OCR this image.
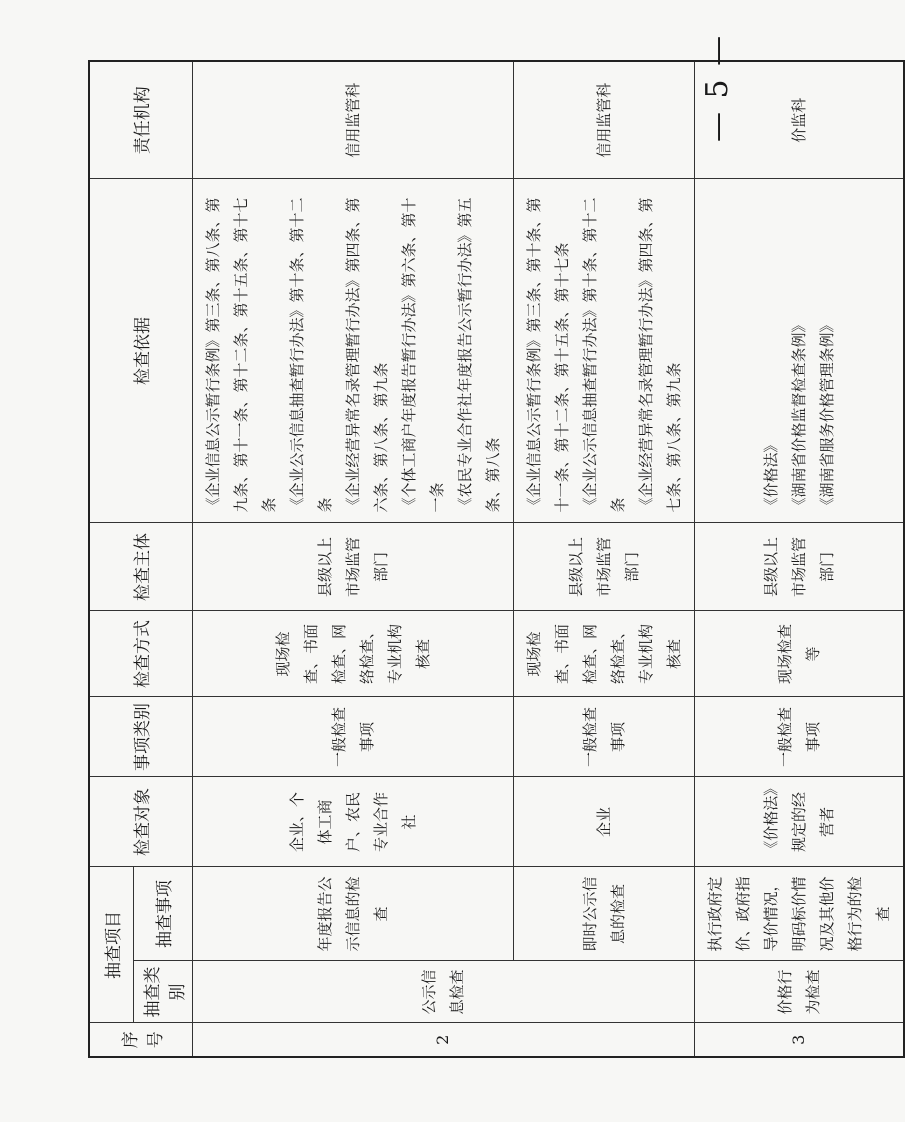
序号	抽查项目		检查对象	事项类别	检查方式	检查主体	检查依据	责任机构
	抽查类别	抽查事项						
2	公示信息检查	年度报告公示信息的检查	企业、个体工商户、农民专业合作社	一般检查事项	现场检查、书面检查、网络检查、专业机构核查	县级以上市场监管部门	《企业信息公示暂行条例》第三条、第八条、第九条、第十一条、第十二条、第十五条、第十七条 《企业公示信息抽查暂行办法》第十条、第十二条 《企业经营异常名录管理暂行办法》第四条、第六条、第八条、第九条 《个体工商户年度报告暂行办法》第六条、第十一条 《农民专业合作社年度报告公示暂行办法》第五条、第八条	信用监管科
		即时公示信息的检查	企业	一般检查事项	现场检查、书面检查、网络检查、专业机构核查	县级以上市场监管部门	《企业信息公示暂行条例》第三条、第十条、第十一条、第十二条、第十五条、第十七条 《企业公示信息抽查暂行办法》第十条、第十二条 《企业经营异常名录管理暂行办法》第四条、第七条、第八条、第九条	信用监管科
3	价格行为检查	执行政府定价、政府指导价情况，明码标价情况及其他价格行为的检查	《价格法》规定的经营者	一般检查事项	现场检查等	县级以上市场监管部门	《价格法》 《湖南省价格监督检查条例》 《湖南省服务价格管理条例》	价监科
— 5 —
